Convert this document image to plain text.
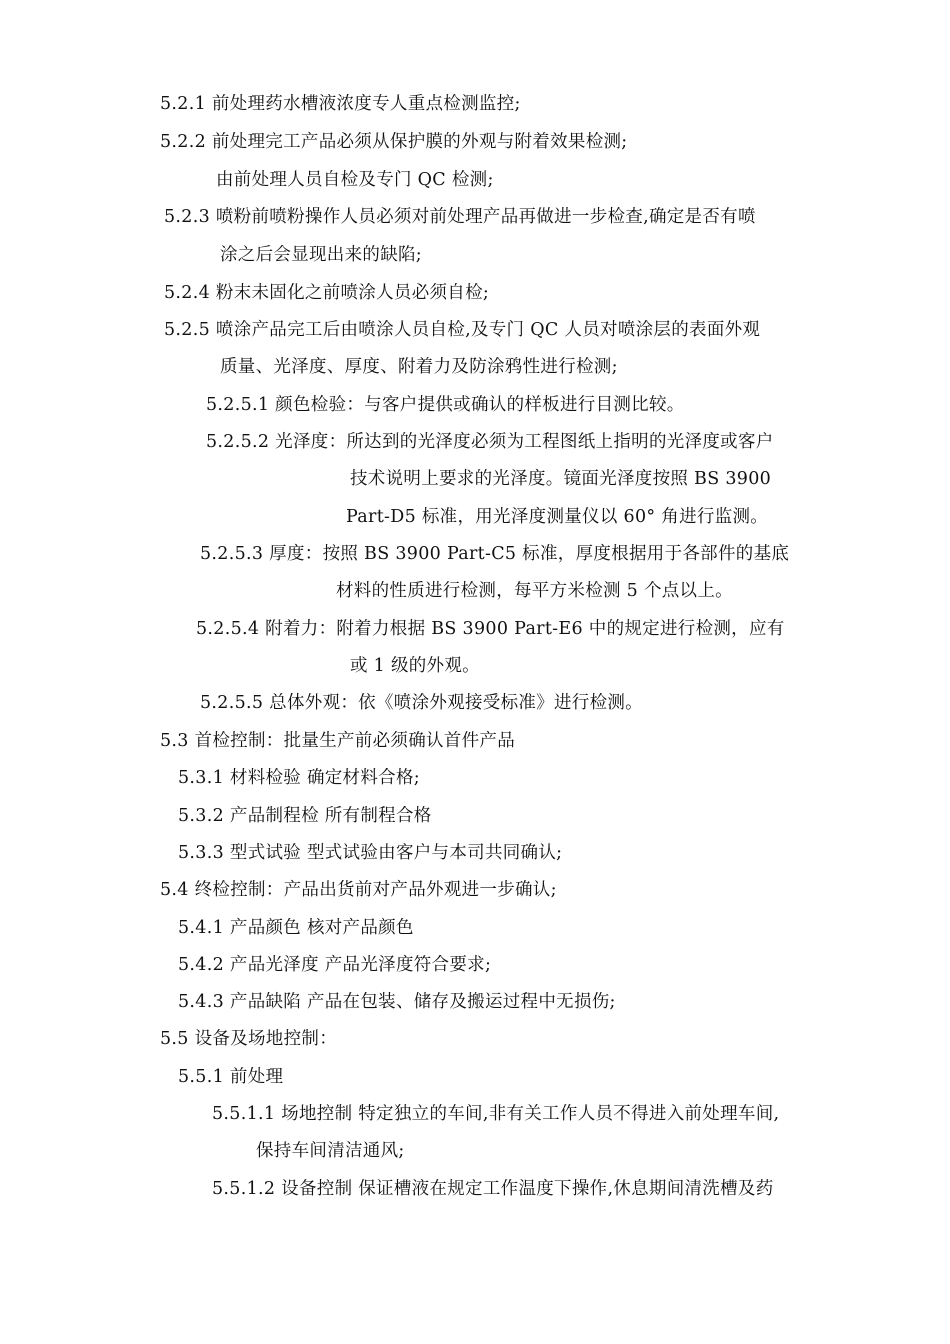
5.2.1 前处理药水槽液浓度专人重点检测监控;
5.2.2 前处理完工产品必须从保护膜的外观与附着效果检测;
由前处理人员自检及专门 QC 检测;
5.2.3 喷粉前喷粉操作人员必须对前处理产品再做进一步检查,确定是否有喷
涂之后会显现出来的缺陷;
5.2.4 粉末未固化之前喷涂人员必须自检;
5.2.5 喷涂产品完工后由喷涂人员自检,及专门 QC 人员对喷涂层的表面外观
质量、光泽度、厚度、附着力及防涂鸦性进行检测;
5.2.5.1 颜色检验：与客户提供或确认的样板进行目测比较。
5.2.5.2 光泽度：所达到的光泽度必须为工程图纸上指明的光泽度或客户
技术说明上要求的光泽度。镜面光泽度按照 BS 3900
Part-D5 标准，用光泽度测量仪以 60° 角进行监测。
5.2.5.3 厚度：按照 BS 3900 Part-C5 标准，厚度根据用于各部件的基底
材料的性质进行检测，每平方米检测 5 个点以上。
5.2.5.4 附着力：附着力根据 BS 3900 Part-E6 中的规定进行检测，应有
或 1 级的外观。
5.2.5.5 总体外观：依《喷涂外观接受标准》进行检测。
5.3 首检控制：批量生产前必须确认首件产品
5.3.1 材料检验 确定材料合格;
5.3.2 产品制程检 所有制程合格
5.3.3 型式试验 型式试验由客户与本司共同确认;
5.4 终检控制：产品出货前对产品外观进一步确认;
5.4.1 产品颜色 核对产品颜色
5.4.2 产品光泽度 产品光泽度符合要求;
5.4.3 产品缺陷 产品在包装、储存及搬运过程中无损伤;
5.5 设备及场地控制：
5.5.1 前处理
5.5.1.1 场地控制 特定独立的车间,非有关工作人员不得进入前处理车间,
保持车间清洁通风;
5.5.1.2 设备控制 保证槽液在规定工作温度下操作,休息期间清洗槽及药
